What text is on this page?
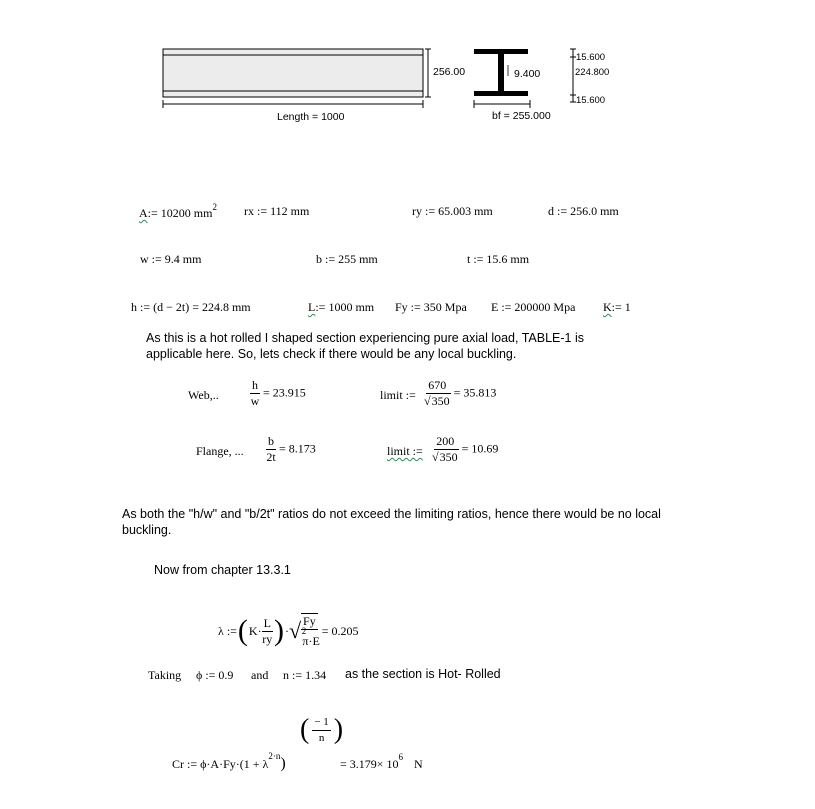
256.00
Length = 1000
9.400
15.600
224.800
15.600
bf = 255.000
A:= 10200 $mm^2$ rx := 112 mm	ry := 65.003 mm	d := 256.0 mm
w := 9.4 mm	b := 255 mm	t := 15.6 mm
h := (d − 2t) = 224.8 mm	L:= 1000 mm Fy := 350 Mpa E := 200000 Mpa K:= 1
As this is a hot rolled I shaped section experiencing pure axial load, TABLE-1 is applicable here. So, lets check if there would be any local buckling.
Web,..	$\frac{h}{w} = 23.915$	limit := $\frac{670}{√350} = 35.813$
Flange, ... $\frac{b}{2t} = 8.173$	limit := $\frac{200}{√350} = 10.69$
As both the "h/w" and "b/2t" ratios do not exceed the limiting ratios, hence there would be no local buckling.
Now from chapter 13.3.1
λ := ( $K\cdot \frac{L}{ry}$ ) · √ $\frac{Fy}{\pi\cdot E^2} = 0.205$
Taking ϕ := 0.9 and n := 1.34 as the section is Hot- Rolled
( $\frac{- 1}{n}$ )
Cr := $\phi\cdot A\cdot Fy\cdot(1 + \lambda^{2\cdot n})$	= $3.179\times 10^6$ N
